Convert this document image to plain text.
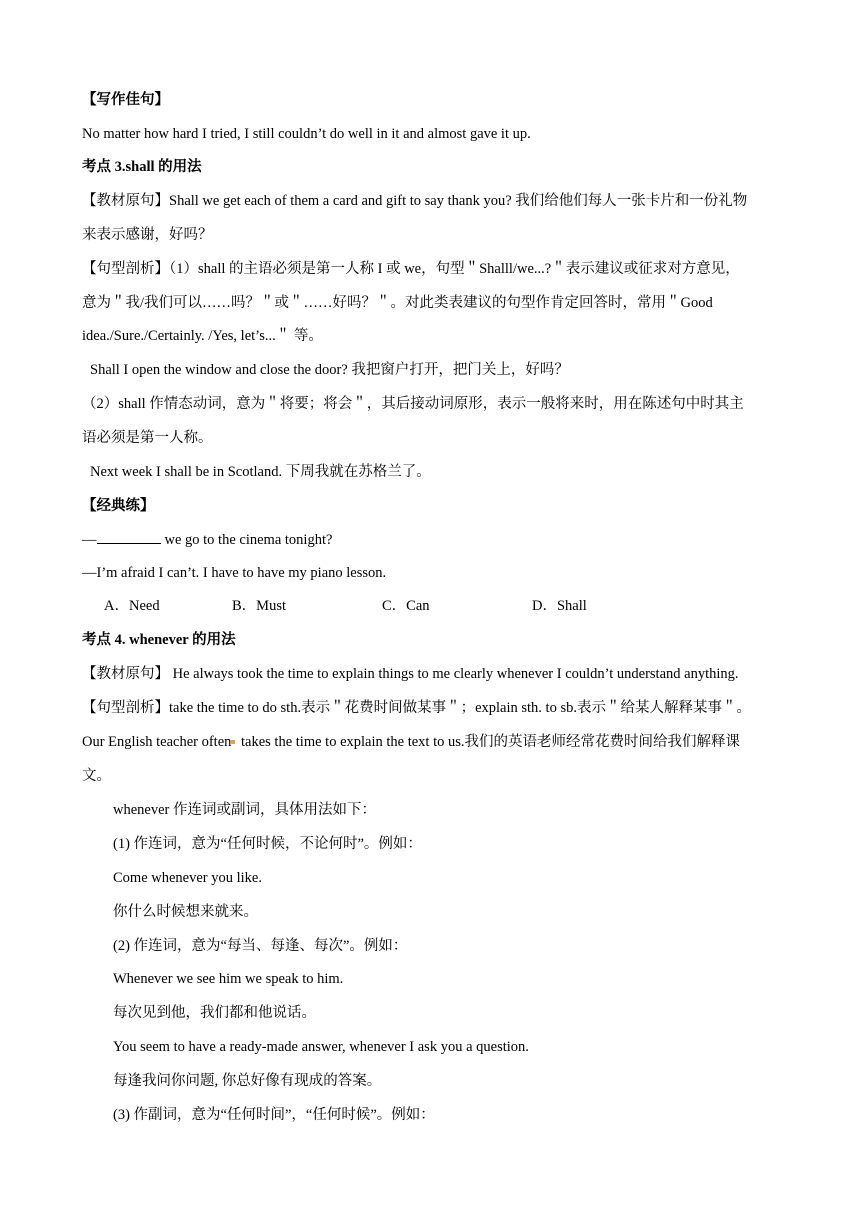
【写作佳句】
No matter how hard I tried, I still couldn’t do well in it and almost gave it up.
考点 3.shall 的用法
【教材原句】Shall we get each of them a card and gift to say thank you? 我们给他们每人一张卡片和一份礼物
来表示感谢，好吗？
【句型剖析】（1）shall 的主语必须是第一人称 I 或 we，句型＂Shalll/we...?＂表示建议或征求对方意见，
意为＂我/我们可以……吗？＂或＂……好吗？＂。对此类表建议的句型作肯定回答时，常用＂Good
idea./Sure./Certainly. /Yes, let’s...＂ 等。
Shall I open the window and close the door? 我把窗户打开，把门关上，好吗？
（2）shall 作情态动词，意为＂将要；将会＂，其后接动词原形，表示一般将来时，用在陈述句中时其主
语必须是第一人称。
Next week I shall be in Scotland. 下周我就在苏格兰了。
【经典练】
—	we go to the cinema tonight?
—I’m afraid I can’t. I have to have my piano lesson.
A．Need	B．Must	C．Can	D．Shall
考点 4. whenever 的用法
【教材原句】 He always took the time to explain things to me clearly whenever I couldn’t understand anything.
【句型剖析】take the time to do sth.表示＂花费时间做某事＂；explain sth. to sb.表示＂给某人解释某事＂。
Our English teacher often takes the time to explain the text to us.我们的英语老师经常花费时间给我们解释课
文。
whenever 作连词或副词，具体用法如下：
(1) 作连词，意为“任何时候，不论何时”。例如：
Come whenever you like.
你什么时候想来就来。
(2) 作连词，意为“每当、每逢、每次”。例如：
Whenever we see him we speak to him.
每次见到他，我们都和他说话。
You seem to have a ready-made answer, whenever I ask you a question.
每逢我问你问题, 你总好像有现成的答案。
(3) 作副词，意为“任何时间”，“任何时候”。例如：
